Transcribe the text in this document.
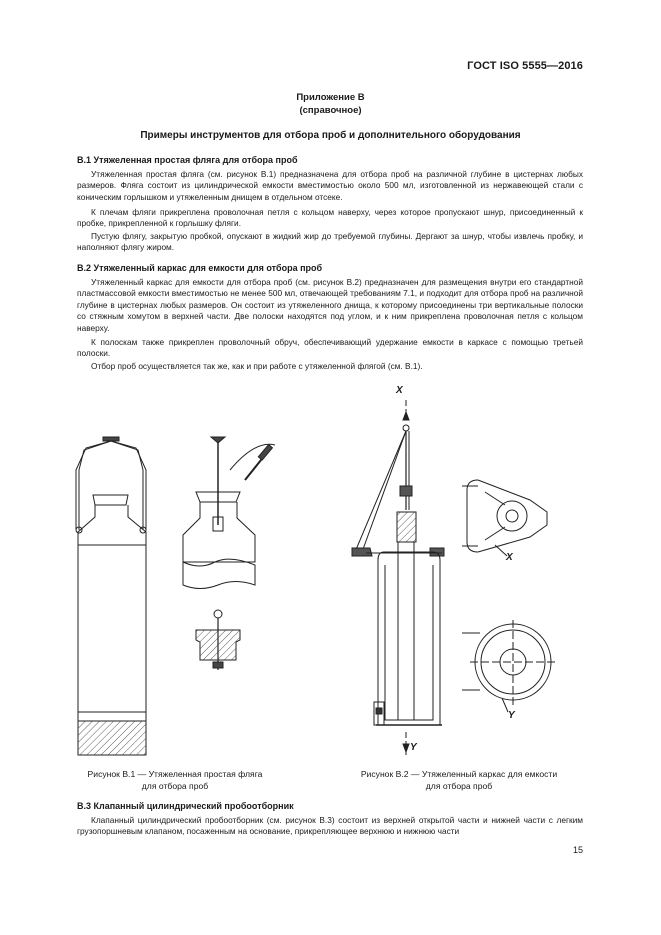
ГОСТ ISO 5555—2016
Приложение В
(справочное)
Примеры инструментов для отбора проб и дополнительного оборудования
В.1 Утяжеленная простая фляга для отбора проб

Утяжеленная простая фляга (см. рисунок В.1) предназначена для отбора проб на различной глубине в цистернах любых размеров. Фляга состоит из цилиндрической емкости вместимостью около 500 мл, изготовленной из нержавеющей стали с коническим горлышком и утяжеленным днищем в отдельном отсеке.

К плечам фляги прикреплена проволочная петля с кольцом наверху, через которое пропускают шнур, присоединенный к пробке, прикрепленной к горлышку фляги.

Пустую флягу, закрытую пробкой, опускают в жидкий жир до требуемой глубины. Дергают за шнур, чтобы извлечь пробку, и наполняют флягу жиром.

В.2 Утяжеленный каркас для емкости для отбора проб

Утяжеленный каркас для емкости для отбора проб (см. рисунок В.2) предназначен для размещения внутри его стандартной пластмассовой емкости вместимостью не менее 500 мл, отвечающей требованиям 7.1, и подходит для отбора проб на различной глубине в цистернах любых размеров. Он состоит из утяжеленного днища, к которому присоединены три вертикальные полоски со стяжным хомутом в верхней части. Две полоски находятся под углом, и к ним прикреплена проволочная петля с кольцом наверху.

К полоскам также прикреплен проволочный обруч, обеспечивающий удержание емкости в каркасе с помощью третьей полоски.

Отбор проб осуществляется так же, как и при работе с утяжеленной флягой (см. В.1).

X
Y
X
Y
Рисунок В.1 — Утяжеленная простая фляга
для отбора проб
Рисунок В.2 — Утяжеленный каркас для емкости
для отбора проб
В.3 Клапанный цилиндрический пробоотборник

Клапанный цилиндрический пробоотборник (см. рисунок В.3) состоит из верхней открытой части и нижней части с легким грузопоршневым клапаном, посаженным на основание, прикрепляющее верхнюю и нижнюю части

15
